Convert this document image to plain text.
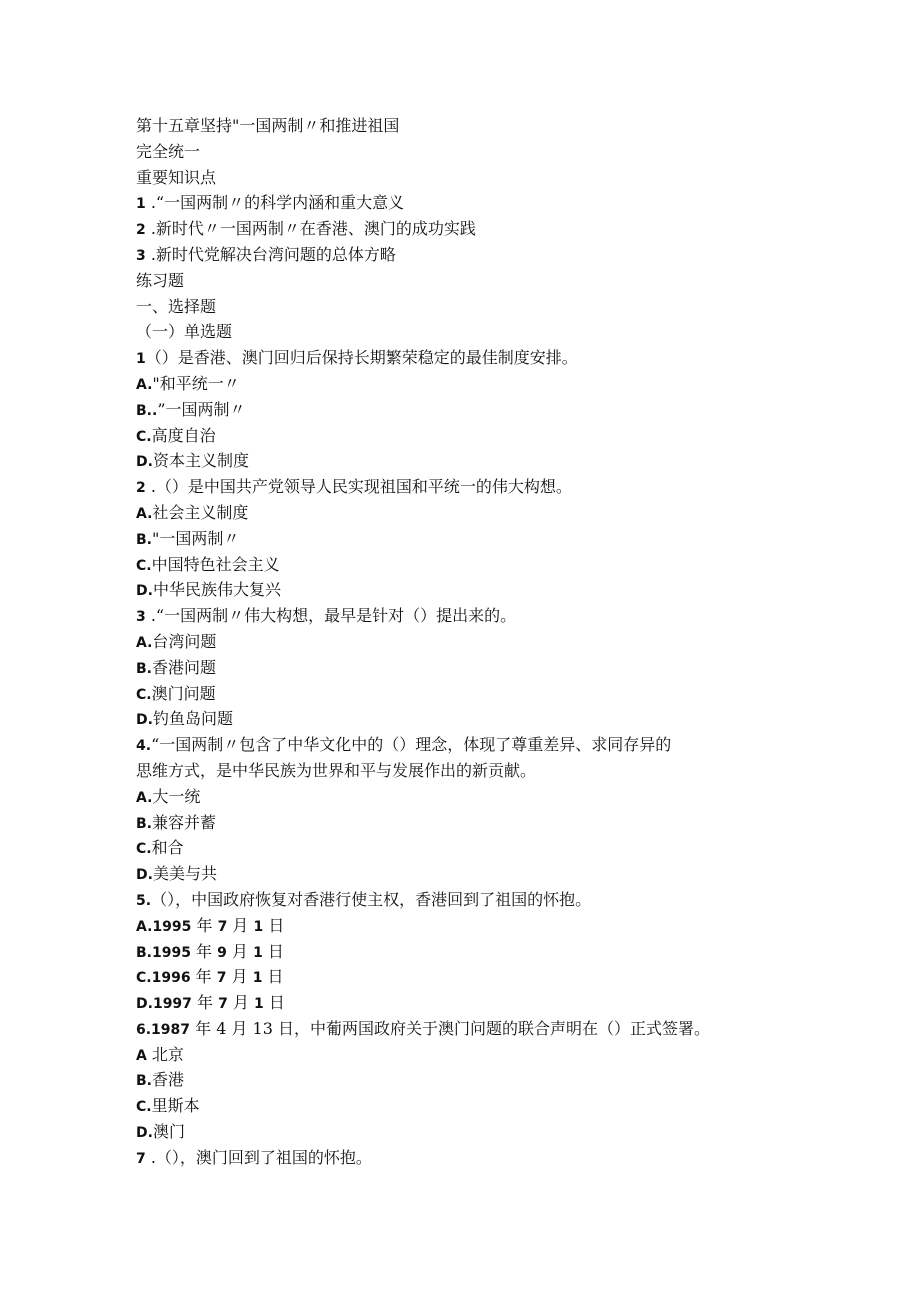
第十五章坚持"一国两制〃和推进祖国
完全统一
重要知识点
1 .“一国两制〃的科学内涵和重大意义
2 .新时代〃一国两制〃在香港、澳门的成功实践
3 .新时代党解决台湾问题的总体方略
练习题
一、选择题
（一）单选题
1（）是香港、澳门回归后保持长期繁荣稳定的最佳制度安排。
A."和平统一〃
B..”一国两制〃
C.高度自治
D.资本主义制度
2 .（）是中国共产党领导人民实现祖国和平统一的伟大构想。
A.社会主义制度
B."一国两制〃
C.中国特色社会主义
D.中华民族伟大复兴
3 .“一国两制〃伟大构想，最早是针对（）提出来的。
A.台湾问题
B.香港问题
C.澳门问题
D.钓鱼岛问题
4.“一国两制〃包含了中华文化中的（）理念，体现了尊重差异、求同存异的
思维方式，是中华民族为世界和平与发展作出的新贡献。
A.大一统
B.兼容并蓄
C.和合
D.美美与共
5.（），中国政府恢复对香港行使主权，香港回到了祖国的怀抱。
A.1995 年 7 月 1 日
B.1995 年 9 月 1 日
C.1996 年 7 月 1 日
D.1997 年 7 月 1 日
6.1987 年 4 月 13 日，中葡两国政府关于澳门问题的联合声明在（）正式签署。
A 北京
B.香港
C.里斯本
D.澳门
7 .（），澳门回到了祖国的怀抱。
